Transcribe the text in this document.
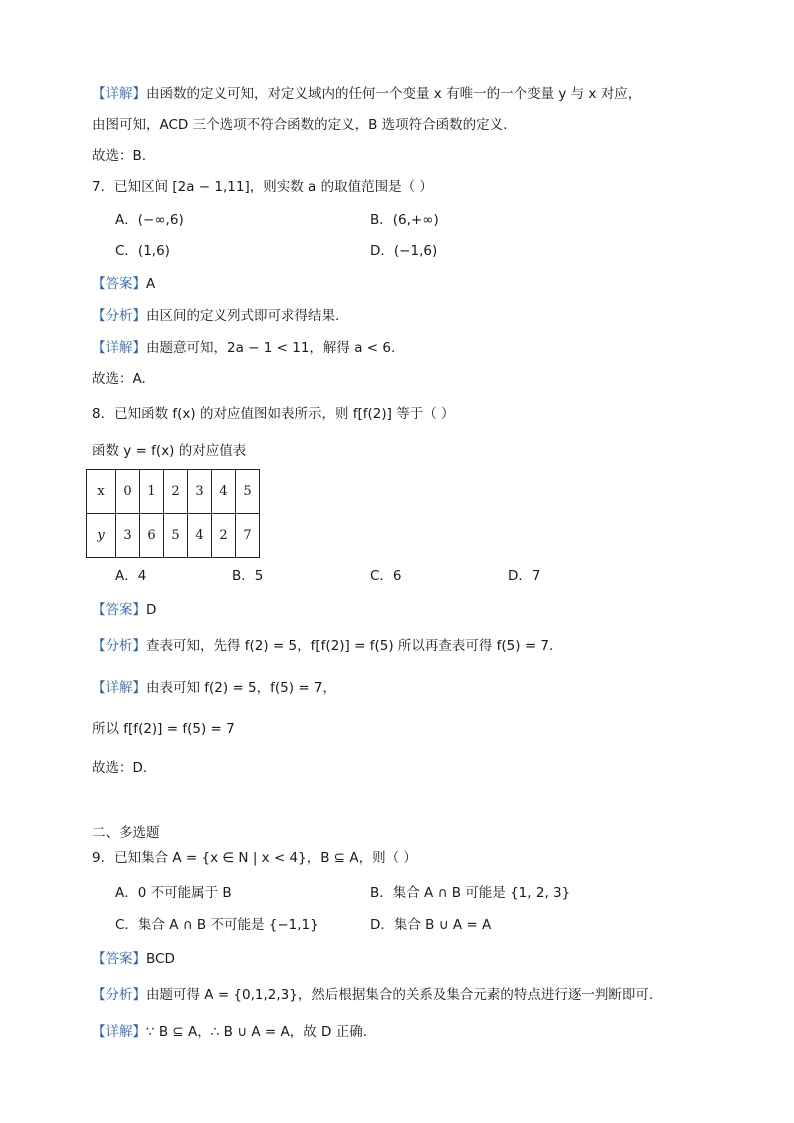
【详解】由函数的定义可知，对定义域内的任何一个变量 x 有唯一的一个变量 y 与 x 对应，
由图可知，ACD 三个选项不符合函数的定义，B 选项符合函数的定义.
故选：B.
7．已知区间 [2a − 1,11]，则实数 a 的取值范围是（ ）
A．(−∞,6)	B．(6,+∞)
C．(1,6)	D．(−1,6)
【答案】A
【分析】由区间的定义列式即可求得结果.
【详解】由题意可知，2a − 1 < 11，解得 a < 6.
故选：A.
8．已知函数 f(x) 的对应值图如表所示，则 f[f(2)] 等于（ ）
函数 y = f(x) 的对应值表
x	0	1	2	3	4	5
y	3	6	5	4	2	7
A．4	B．5	C．6	D．7
【答案】D
【分析】查表可知，先得 f(2) = 5，f[f(2)] = f(5) 所以再查表可得 f(5) = 7.
【详解】由表可知 f(2) = 5，f(5) = 7，
所以 f[f(2)] = f(5) = 7
故选：D.
二、多选题
9．已知集合 A = {x ∈ N | x < 4}，B ⊆ A，则（ ）
A．0 不可能属于 B	B．集合 A ∩ B 可能是 {1, 2, 3}
C．集合 A ∩ B 不可能是 {−1,1}	D．集合 B ∪ A = A
【答案】BCD
【分析】由题可得 A = {0,1,2,3}，然后根据集合的关系及集合元素的特点进行逐一判断即可.
【详解】∵ B ⊆ A，∴ B ∪ A = A，故 D 正确.
